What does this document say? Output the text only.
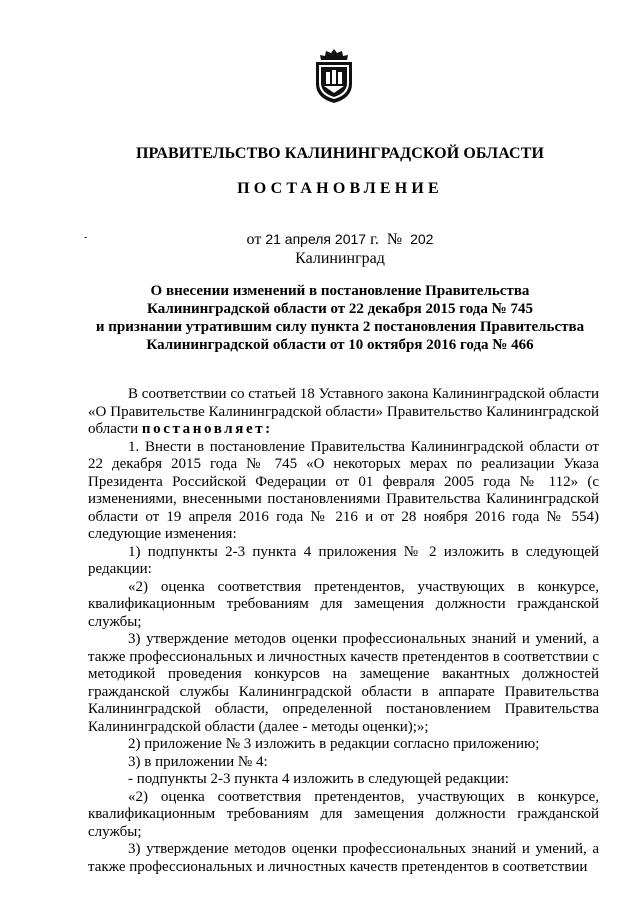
ПРАВИТЕЛЬСТВО КАЛИНИНГРАДСКОЙ ОБЛАСТИ
ПОСТАНОВЛЕНИЕ
-	от 21 апреля 2017 г. № 202
Калининград
О внесении изменений в постановление Правительства
Калининградской области от 22 декабря 2015 года № 745
и признании утратившим силу пункта 2 постановления Правительства
Калининградской области от 10 октября 2016 года № 466

В соответствии со статьей 18 Уставного закона Калининградской области «О Правительстве Калининградской области» Правительство Калининградской области постановляет:

1. Внести в постановление Правительства Калининградской области от 22 декабря 2015 года № 745 «О некоторых мерах по реализации Указа Президента Российской Федерации от 01 февраля 2005 года № 112» (с изменениями, внесенными постановлениями Правительства Калининградской области от 19 апреля 2016 года № 216 и от 28 ноября 2016 года № 554) следующие изменения:

1) подпункты 2-3 пункта 4 приложения № 2 изложить в следующей редакции:

«2) оценка соответствия претендентов, участвующих в конкурсе, квалификационным требованиям для замещения должности гражданской службы;

3) утверждение методов оценки профессиональных знаний и умений, а также профессиональных и личностных качеств претендентов в соответствии с методикой проведения конкурсов на замещение вакантных должностей гражданской службы Калининградской области в аппарате Правительства Калининградской области, определенной постановлением Правительства Калининградской области (далее - методы оценки);»;

2) приложение № 3 изложить в редакции согласно приложению;

3) в приложении № 4:

- подпункты 2-3 пункта 4 изложить в следующей редакции:

«2) оценка соответствия претендентов, участвующих в конкурсе, квалификационным требованиям для замещения должности гражданской службы;

3) утверждение методов оценки профессиональных знаний и умений, а также профессиональных и личностных качеств претендентов в соответствии
